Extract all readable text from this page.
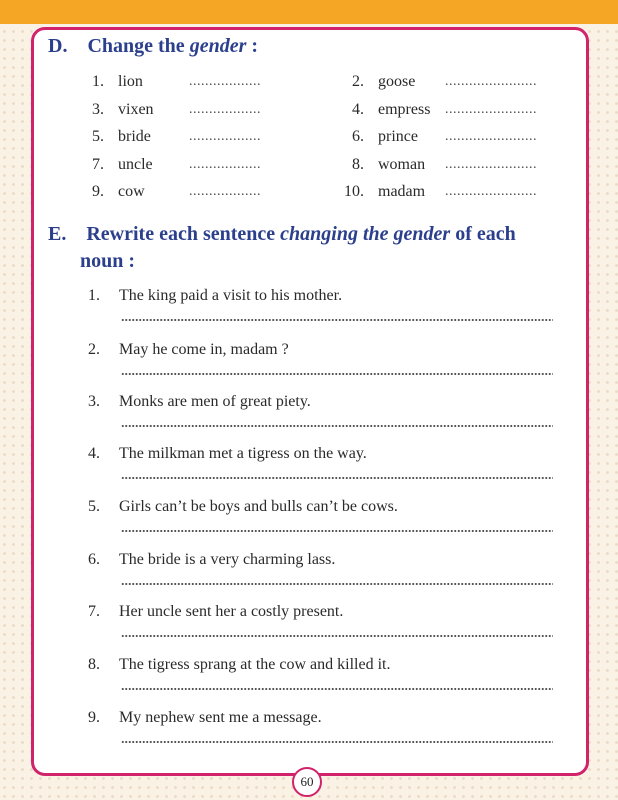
D. Change the gender :
1. lion	..................	2. goose .......................
3. vixen	..................	4. empress .......................
5. bride	..................	6. prince .......................
7. uncle	..................	8. woman .......................
9. cow	..................	10. madam .......................
E. Rewrite each sentence changing the gender of each
noun :
1. The king paid a visit to his mother.
2. May he come in, madam ?
3. Monks are men of great piety.
4. The milkman met a tigress on the way.
5. Girls can’t be boys and bulls can’t be cows.
6. The bride is a very charming lass.
7. Her uncle sent her a costly present.
8. The tigress sprang at the cow and killed it.
9. My nephew sent me a message.
60
